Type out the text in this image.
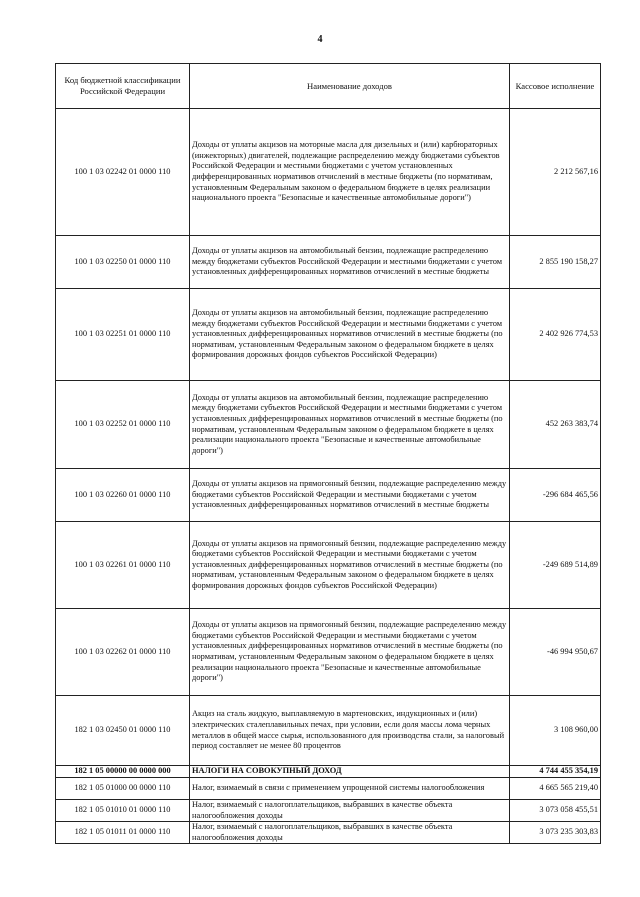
4
Код бюджетной классификации Российской Федерации	Наименование доходов	Кассовое исполнение
100 1 03 02242 01 0000 110	Доходы от уплаты акцизов на моторные масла для дизельных и (или) карбюраторных (инжекторных) двигателей, подлежащие распределению между бюджетами субъектов Российской Федерации и местными бюджетами с учетом установленных дифференцированных нормативов отчислений в местные бюджеты (по нормативам, установленным Федеральным законом о федеральном бюджете в целях реализации национального проекта "Безопасные и качественные автомобильные дороги")	2 212 567,16
100 1 03 02250 01 0000 110	Доходы от уплаты акцизов на автомобильный бензин, подлежащие распределению между бюджетами субъектов Российской Федерации и местными бюджетами с учетом установленных дифференцированных нормативов отчислений в местные бюджеты	2 855 190 158,27
100 1 03 02251 01 0000 110	Доходы от уплаты акцизов на автомобильный бензин, подлежащие распределению между бюджетами субъектов Российской Федерации и местными бюджетами с учетом установленных дифференцированных нормативов отчислений в местные бюджеты (по нормативам, установленным Федеральным законом о федеральном бюджете в целях формирования дорожных фондов субъектов Российской Федерации)	2 402 926 774,53
100 1 03 02252 01 0000 110	Доходы от уплаты акцизов на автомобильный бензин, подлежащие распределению между бюджетами субъектов Российской Федерации и местными бюджетами с учетом установленных дифференцированных нормативов отчислений в местные бюджеты (по нормативам, установленным Федеральным законом о федеральном бюджете в целях реализации национального проекта "Безопасные и качественные автомобильные дороги")	452 263 383,74
100 1 03 02260 01 0000 110	Доходы от уплаты акцизов на прямогонный бензин, подлежащие распределению между бюджетами субъектов Российской Федерации и местными бюджетами с учетом установленных дифференцированных нормативов отчислений в местные бюджеты	-296 684 465,56
100 1 03 02261 01 0000 110	Доходы от уплаты акцизов на прямогонный бензин, подлежащие распределению между бюджетами субъектов Российской Федерации и местными бюджетами с учетом установленных дифференцированных нормативов отчислений в местные бюджеты (по нормативам, установленным Федеральным законом о федеральном бюджете в целях формирования дорожных фондов субъектов Российской Федерации)	-249 689 514,89
100 1 03 02262 01 0000 110	Доходы от уплаты акцизов на прямогонный бензин, подлежащие распределению между бюджетами субъектов Российской Федерации и местными бюджетами с учетом установленных дифференцированных нормативов отчислений в местные бюджеты (по нормативам, установленным Федеральным законом о федеральном бюджете в целях реализации национального проекта "Безопасные и качественные автомобильные дороги")	-46 994 950,67
182 1 03 02450 01 0000 110	Акциз на сталь жидкую, выплавляемую в мартеновских, индукционных и (или) электрических сталеплавильных печах, при условии, если доля массы лома черных металлов в общей массе сырья, использованного для производства стали, за налоговый период составляет не менее 80 процентов	3 108 960,00
182 1 05 00000 00 0000 000	НАЛОГИ НА СОВОКУПНЫЙ ДОХОД	4 744 455 354,19
182 1 05 01000 00 0000 110	Налог, взимаемый в связи с применением упрощенной системы налогообложения	4 665 565 219,40
182 1 05 01010 01 0000 110	Налог, взимаемый с налогоплательщиков, выбравших в качестве объекта налогообложения доходы	3 073 058 455,51
182 1 05 01011 01 0000 110	Налог, взимаемый с налогоплательщиков, выбравших в качестве объекта налогообложения доходы	3 073 235 303,83
